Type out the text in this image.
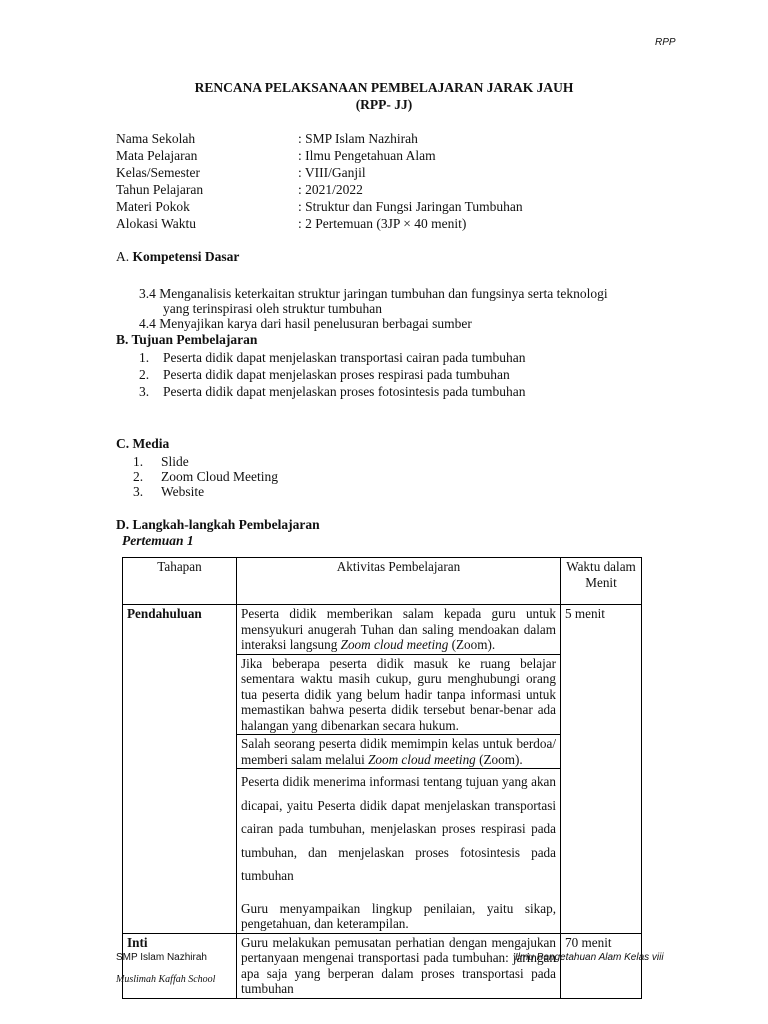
RPP
RENCANA PELAKSANAAN PEMBELAJARAN JARAK JAUH
(RPP- JJ)
Nama Sekolah	: SMP Islam Nazhirah
Mata Pelajaran	: Ilmu Pengetahuan Alam
Kelas/Semester	: VIII/Ganjil
Tahun Pelajaran	: 2021/2022
Materi Pokok	: Struktur dan Fungsi Jaringan Tumbuhan
Alokasi Waktu	: 2 Pertemuan (3JP × 40 menit)
A. Kompetensi Dasar
3.4 Menganalisis keterkaitan struktur jaringan tumbuhan dan fungsinya serta teknologi
yang terinspirasi oleh struktur tumbuhan
4.4 Menyajikan karya dari hasil penelusuran berbagai sumber
B. Tujuan Pembelajaran
1.	Peserta didik dapat menjelaskan transportasi cairan pada tumbuhan
2.	Peserta didik dapat menjelaskan proses respirasi pada tumbuhan
3.	Peserta didik dapat menjelaskan proses fotosintesis pada tumbuhan
C. Media
1.	Slide
2.	Zoom Cloud Meeting
3.	Website
D. Langkah-langkah Pembelajaran
Pertemuan 1
Tahapan	Aktivitas Pembelajaran	Waktu dalam Menit
Pendahuluan	Peserta didik memberikan salam kepada guru untuk mensyukuri anugerah Tuhan dan saling mendoakan dalam interaksi langsung Zoom cloud meeting (Zoom).
Jika beberapa peserta didik masuk ke ruang belajar sementara waktu masih cukup, guru menghubungi orang tua peserta didik yang belum hadir tanpa informasi untuk memastikan bahwa peserta didik tersebut benar-benar ada halangan yang dibenarkan secara hukum.
Salah seorang peserta didik memimpin kelas untuk berdoa/ memberi salam melalui Zoom cloud meeting (Zoom).
Peserta didik menerima informasi tentang tujuan yang akan dicapai, yaitu Peserta didik dapat menjelaskan transportasi cairan pada tumbuhan, menjelaskan proses respirasi pada tumbuhan, dan menjelaskan proses fotosintesis pada tumbuhan
Guru menyampaikan lingkup penilaian, yaitu sikap, pengetahuan, dan keterampilan.	5 menit
Inti	Guru melakukan pemusatan perhatian dengan mengajukan pertanyaan mengenai transportasi pada tumbuhan: jaringan apa saja yang berperan dalam proses transportasi pada tumbuhan	70 menit
SMP Islam Nazhirah	Ilmu Pengetahuan Alam Kelas viii
Muslimah Kaffah School
